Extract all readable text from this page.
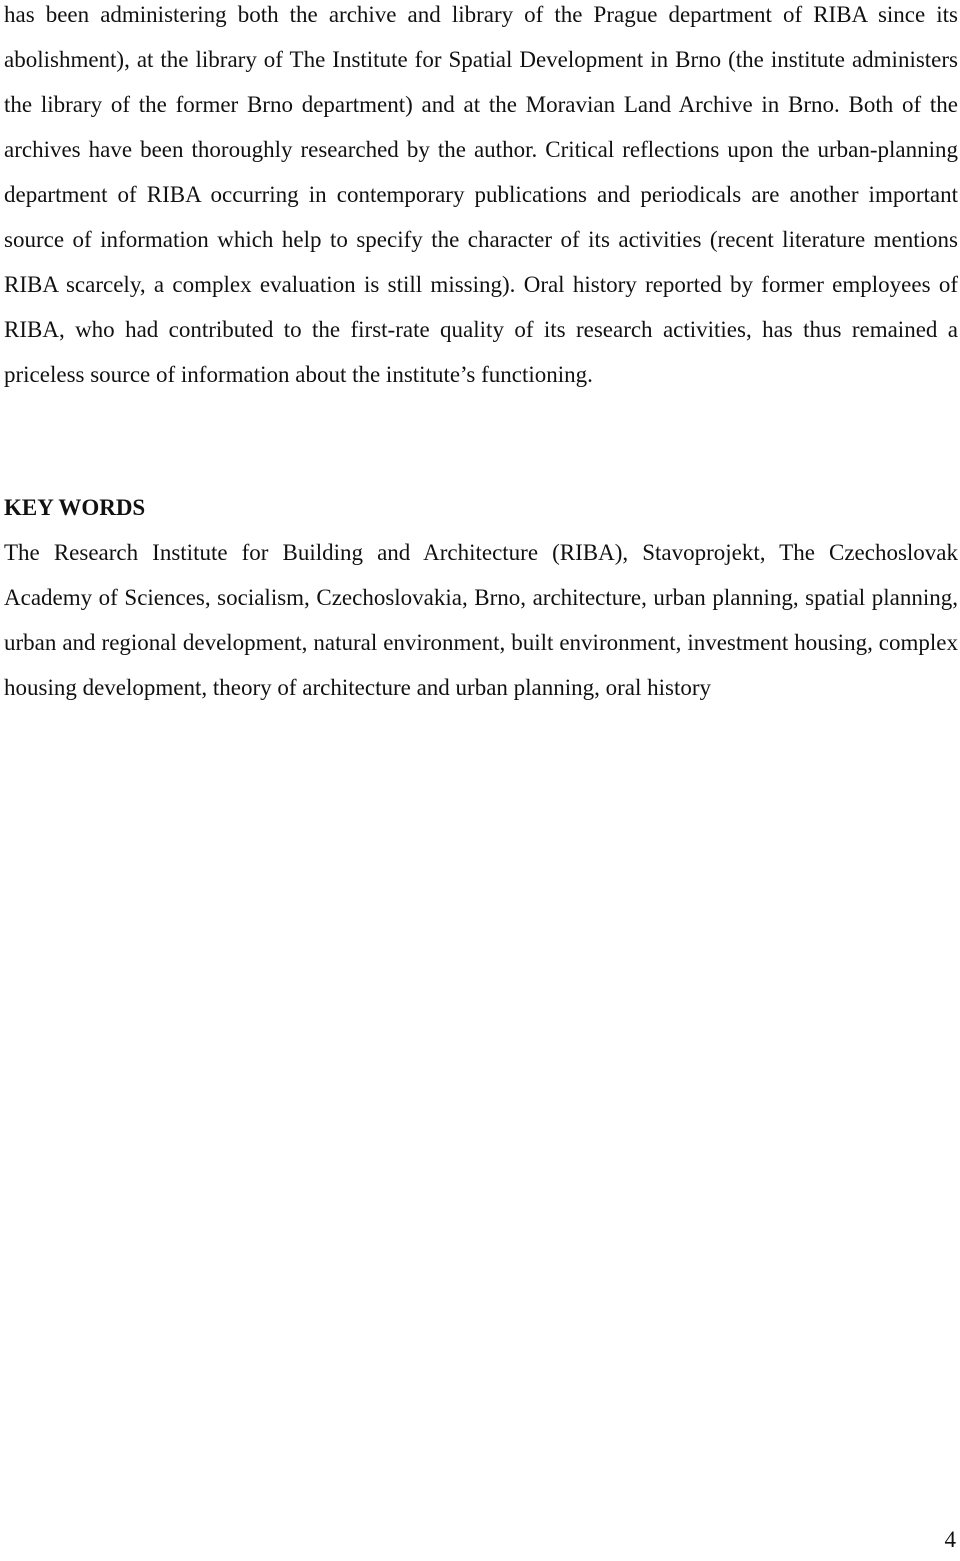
has been administering both the archive and library of the Prague department of RIBA since its abolishment), at the library of The Institute for Spatial Development in Brno (the institute administers the library of the former Brno department) and at the Moravian Land Archive in Brno. Both of the archives have been thoroughly researched by the author. Critical reflections upon the urban-planning department of RIBA occurring in contemporary publications and periodicals are another important source of information which help to specify the character of its activities (recent literature mentions RIBA scarcely, a complex evaluation is still missing). Oral history reported by former employees of RIBA, who had contributed to the first-rate quality of its research activities, has thus remained a priceless source of information about the institute’s functioning.

KEY WORDS

The Research Institute for Building and Architecture (RIBA), Stavoprojekt, The Czechoslovak Academy of Sciences, socialism, Czechoslovakia, Brno, architecture, urban planning, spatial planning, urban and regional development, natural environment, built environment, investment housing, complex housing development, theory of architecture and urban planning, oral history

4
